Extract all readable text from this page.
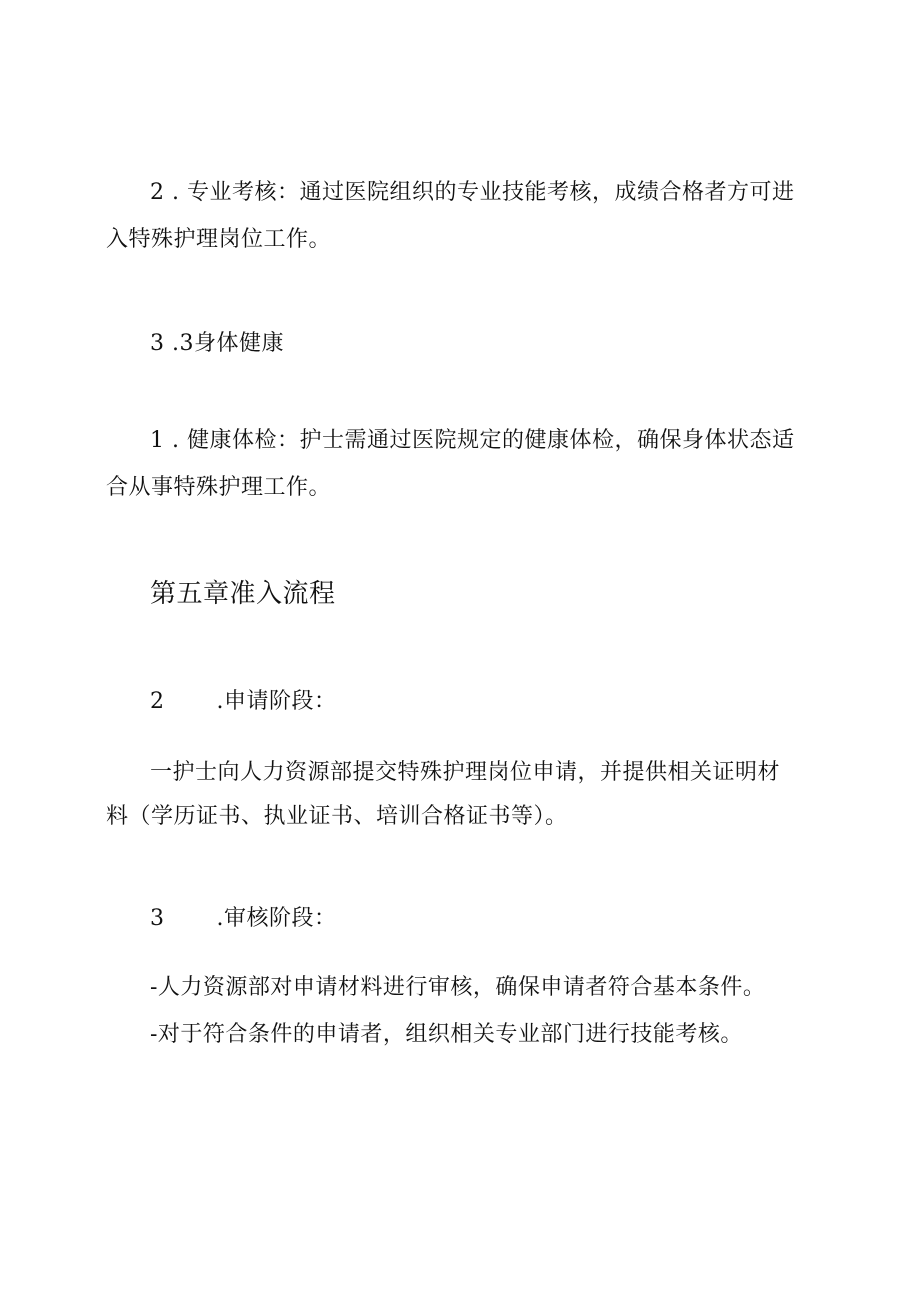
2 . 专业考核：通过医院组织的专业技能考核，成绩合格者方可进
入特殊护理岗位工作。
3 .3身体健康
1 . 健康体检：护士需通过医院规定的健康体检，确保身体状态适
合从事特殊护理工作。
第五章准入流程
2 .申请阶段：
一护士向人力资源部提交特殊护理岗位申请，并提供相关证明材
料（学历证书、执业证书、培训合格证书等）。
3 .审核阶段：
-人力资源部对申请材料进行审核，确保申请者符合基本条件。
-对于符合条件的申请者，组织相关专业部门进行技能考核。
